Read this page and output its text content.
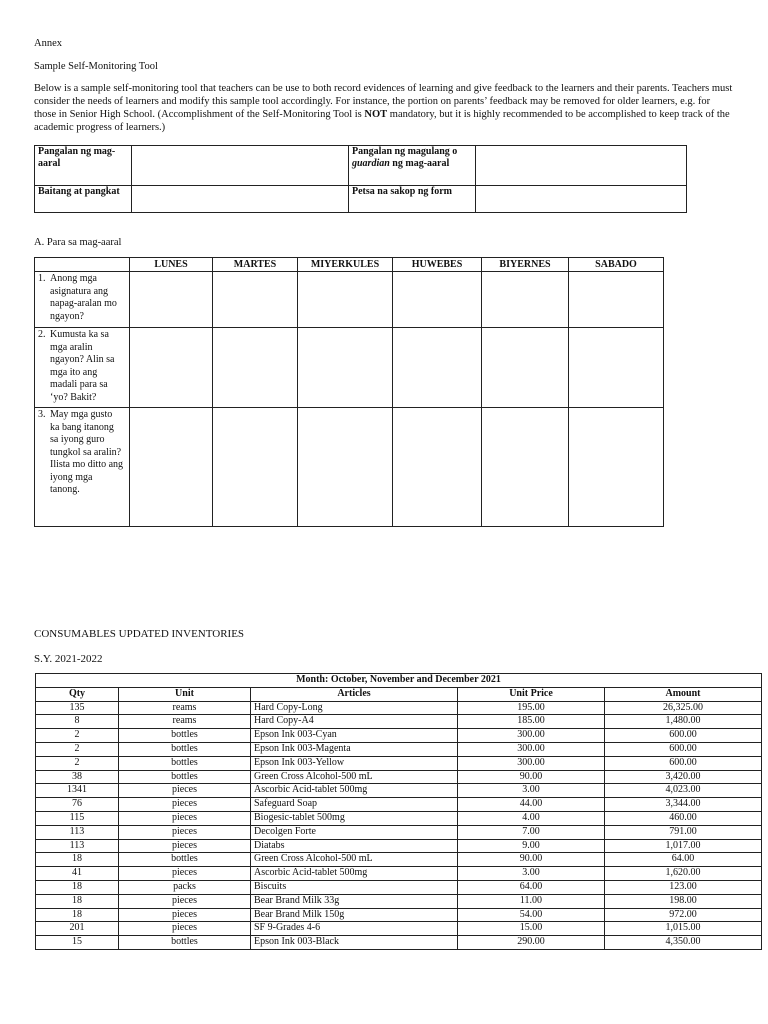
Annex

Sample Self-Monitoring Tool

Below is a sample self-monitoring tool that teachers can be use to both record evidences of learning and give feedback to the learners and their parents. Teachers must consider the needs of learners and modify this sample tool accordingly. For instance, the portion on parents’ feedback may be removed for older learners, e.g. for those in Senior High School. (Accomplishment of the Self-Monitoring Tool is NOT mandatory, but it is highly recommended to be accomplished to keep track of the academic progress of learners.)

Pangalan ng mag-aaral		Pangalan ng magulang o guardian ng mag-aaral	
Baitang at pangkat		Petsa na sakop ng form	

A. Para sa mag-aaral

	LUNES	MARTES	MIYERKULES	HUWEBES	BIYERNES	SABADO
1. Anong mga asignatura ang napag-aralan mo ngayon?						
2. Kumusta ka sa mga aralin ngayon? Alin sa mga ito ang madali para sa ‘yo? Bakit?						
3. May mga gusto ka bang itanong sa iyong guro tungkol sa aralin? Ilista mo ditto ang iyong mga tanong.						

CONSUMABLES UPDATED INVENTORIES

S.Y. 2021-2022

Month: October, November and December 2021				
Qty	Unit	Articles	Unit Price	Amount
135	reams	Hard Copy-Long	195.00	26,325.00
8	reams	Hard Copy-A4	185.00	1,480.00
2	bottles	Epson Ink 003-Cyan	300.00	600.00
2	bottles	Epson Ink 003-Magenta	300.00	600.00
2	bottles	Epson Ink 003-Yellow	300.00	600.00
38	bottles	Green Cross Alcohol-500 mL	90.00	3,420.00
1341	pieces	Ascorbic Acid-tablet 500mg	3.00	4,023.00
76	pieces	Safeguard Soap	44.00	3,344.00
115	pieces	Biogesic-tablet 500mg	4.00	460.00
113	pieces	Decolgen Forte	7.00	791.00
113	pieces	Diatabs	9.00	1,017.00
18	bottles	Green Cross Alcohol-500 mL	90.00	64.00
41	pieces	Ascorbic Acid-tablet 500mg	3.00	1,620.00
18	packs	Biscuits	64.00	123.00
18	pieces	Bear Brand Milk 33g	11.00	198.00
18	pieces	Bear Brand Milk 150g	54.00	972.00
201	pieces	SF 9-Grades 4-6	15.00	1,015.00
15	bottles	Epson Ink 003-Black	290.00	4,350.00
